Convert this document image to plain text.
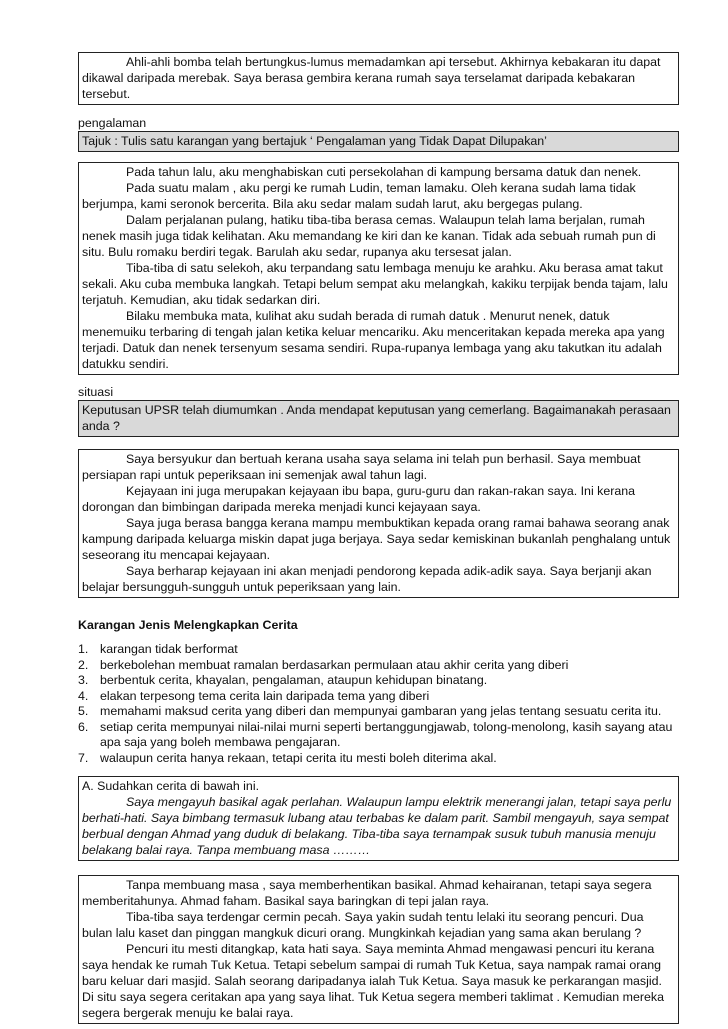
Ahli-ahli bomba telah bertungkus-lumus memadamkan api tersebut. Akhirnya kebakaran itu dapat dikawal daripada merebak. Saya berasa gembira kerana rumah saya terselamat daripada kebakaran tersebut.

pengalaman

Tajuk : Tulis satu karangan yang bertajuk ‘ Pengalaman yang Tidak Dapat Dilupakan’

Pada tahun lalu, aku menghabiskan cuti persekolahan di kampung bersama datuk dan nenek.

Pada suatu malam , aku pergi ke rumah Ludin, teman lamaku. Oleh kerana sudah lama tidak berjumpa, kami seronok bercerita. Bila aku sedar malam sudah larut, aku bergegas pulang.

Dalam perjalanan pulang, hatiku tiba-tiba berasa cemas. Walaupun telah lama berjalan, rumah nenek masih juga tidak kelihatan. Aku memandang ke kiri dan ke kanan. Tidak ada sebuah rumah pun di situ. Bulu romaku berdiri tegak. Barulah aku sedar, rupanya aku tersesat jalan.

Tiba-tiba di satu selekoh, aku terpandang satu lembaga menuju ke arahku. Aku berasa amat takut sekali. Aku cuba membuka langkah. Tetapi belum sempat aku melangkah, kakiku terpijak benda tajam, lalu terjatuh. Kemudian, aku tidak sedarkan diri.

Bilaku membuka mata, kulihat aku sudah berada di rumah datuk . Menurut nenek, datuk menemuiku terbaring di tengah jalan ketika keluar mencariku. Aku menceritakan kepada mereka apa yang terjadi. Datuk dan nenek tersenyum sesama sendiri. Rupa-rupanya lembaga yang aku takutkan itu adalah datukku sendiri.

situasi

Keputusan UPSR telah diumumkan . Anda mendapat keputusan yang cemerlang. Bagaimanakah perasaan anda ?

Saya bersyukur dan bertuah kerana usaha saya selama ini telah pun berhasil. Saya membuat persiapan rapi untuk peperiksaan ini semenjak awal tahun lagi.

Kejayaan ini juga merupakan kejayaan ibu bapa, guru-guru dan rakan-rakan saya. Ini kerana dorongan dan bimbingan daripada mereka menjadi kunci kejayaan saya.

Saya juga berasa bangga kerana mampu membuktikan kepada orang ramai bahawa seorang anak kampung daripada keluarga miskin dapat juga berjaya. Saya sedar kemiskinan bukanlah penghalang untuk seseorang itu mencapai kejayaan.

Saya berharap kejayaan ini akan menjadi pendorong kepada adik-adik saya. Saya berjanji akan belajar bersungguh-sungguh untuk peperiksaan yang lain.

Karangan Jenis Melengkapkan Cerita
1. karangan tidak berformat
2. berkebolehan membuat ramalan berdasarkan permulaan atau akhir cerita yang diberi
3. berbentuk cerita, khayalan, pengalaman, ataupun kehidupan binatang.
4. elakan terpesong tema cerita lain daripada tema yang diberi
5. memahami maksud cerita yang diberi dan mempunyai gambaran yang jelas tentang sesuatu cerita itu.
6. setiap cerita mempunyai nilai-nilai murni seperti bertanggungjawab, tolong-menolong, kasih sayang atau apa saja yang boleh membawa pengajaran.
7. walaupun cerita hanya rekaan, tetapi cerita itu mesti boleh diterima akal.

A. Sudahkan cerita di bawah ini.

Saya mengayuh basikal agak perlahan. Walaupun lampu elektrik menerangi jalan, tetapi saya perlu berhati-hati. Saya bimbang termasuk lubang atau terbabas ke dalam parit. Sambil mengayuh, saya sempat berbual dengan Ahmad yang duduk di belakang. Tiba-tiba saya ternampak susuk tubuh manusia menuju belakang balai raya. Tanpa membuang masa ………

Tanpa membuang masa , saya memberhentikan basikal. Ahmad kehairanan, tetapi saya segera memberitahunya. Ahmad faham. Basikal saya baringkan di tepi jalan raya.

Tiba-tiba saya terdengar cermin pecah. Saya yakin sudah tentu lelaki itu seorang pencuri. Dua bulan lalu kaset dan pinggan mangkuk dicuri orang. Mungkinkah kejadian yang sama akan berulang ?

Pencuri itu mesti ditangkap, kata hati saya. Saya meminta Ahmad mengawasi pencuri itu kerana saya hendak ke rumah Tuk Ketua. Tetapi sebelum sampai di rumah Tuk Ketua, saya nampak ramai orang baru keluar dari masjid. Salah seorang daripadanya ialah Tuk Ketua. Saya masuk ke perkarangan masjid. Di situ saya segera ceritakan apa yang saya lihat. Tuk Ketua segera memberi taklimat . Kemudian mereka segera bergerak menuju ke balai raya.
